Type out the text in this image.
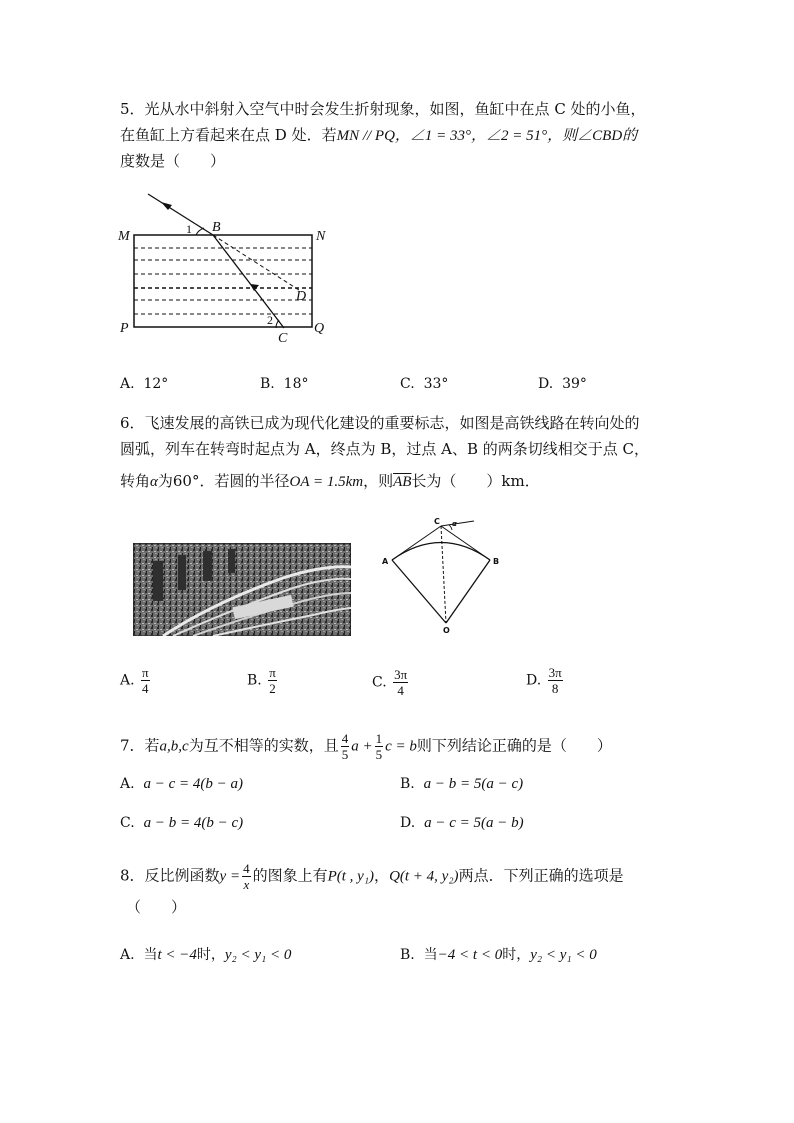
5．光从水中斜射入空气中时会发生折射现象，如图，鱼缸中在点 C 处的小鱼，
在鱼缸上方看起来在点 D 处．若MN // PQ，∠1 = 33°，∠2 = 51°，则∠CBD的
度数是（　　）
M	N
P	Q
B
C
D
1
2
A. 12°	B. 18°	C. 33°	D. 39°
6．飞速发展的高铁已成为现代化建设的重要标志，如图是高铁线路在转向处的
圆弧，列车在转弯时起点为 A，终点为 B，过点 A、B 的两条切线相交于点 C，
转角α为60°．若圆的半径OA = 1.5km，则$\overline{AB}$长为（　　）km．
A	B
C
O
α
A. $\frac{\pi}{4}$	B. $\frac{\pi}{2}$	C. $\frac{3\pi}{4}$	D. $\frac{3\pi}{8}$
7．若a,b,c为互不相等的实数，且 $\frac{4}{5}$ $a + \frac{1}{5}$ c = b则下列结论正确的是（　　）
A. a − c = 4(b − a)	B. a − b = 5(a − c)
C. a − b = 4(b − c)	D. a − c = 5(a − b)
8．反比例函数$y = \frac{4}{x}$ 的图象上有P(t , y₁)，Q(t + 4, y₂)两点．下列正确的选项是
（　　）
A. 当t < −4时，y₂ < y₁ < 0	B. 当−4 < t < 0时，y₂ < y₁ < 0
